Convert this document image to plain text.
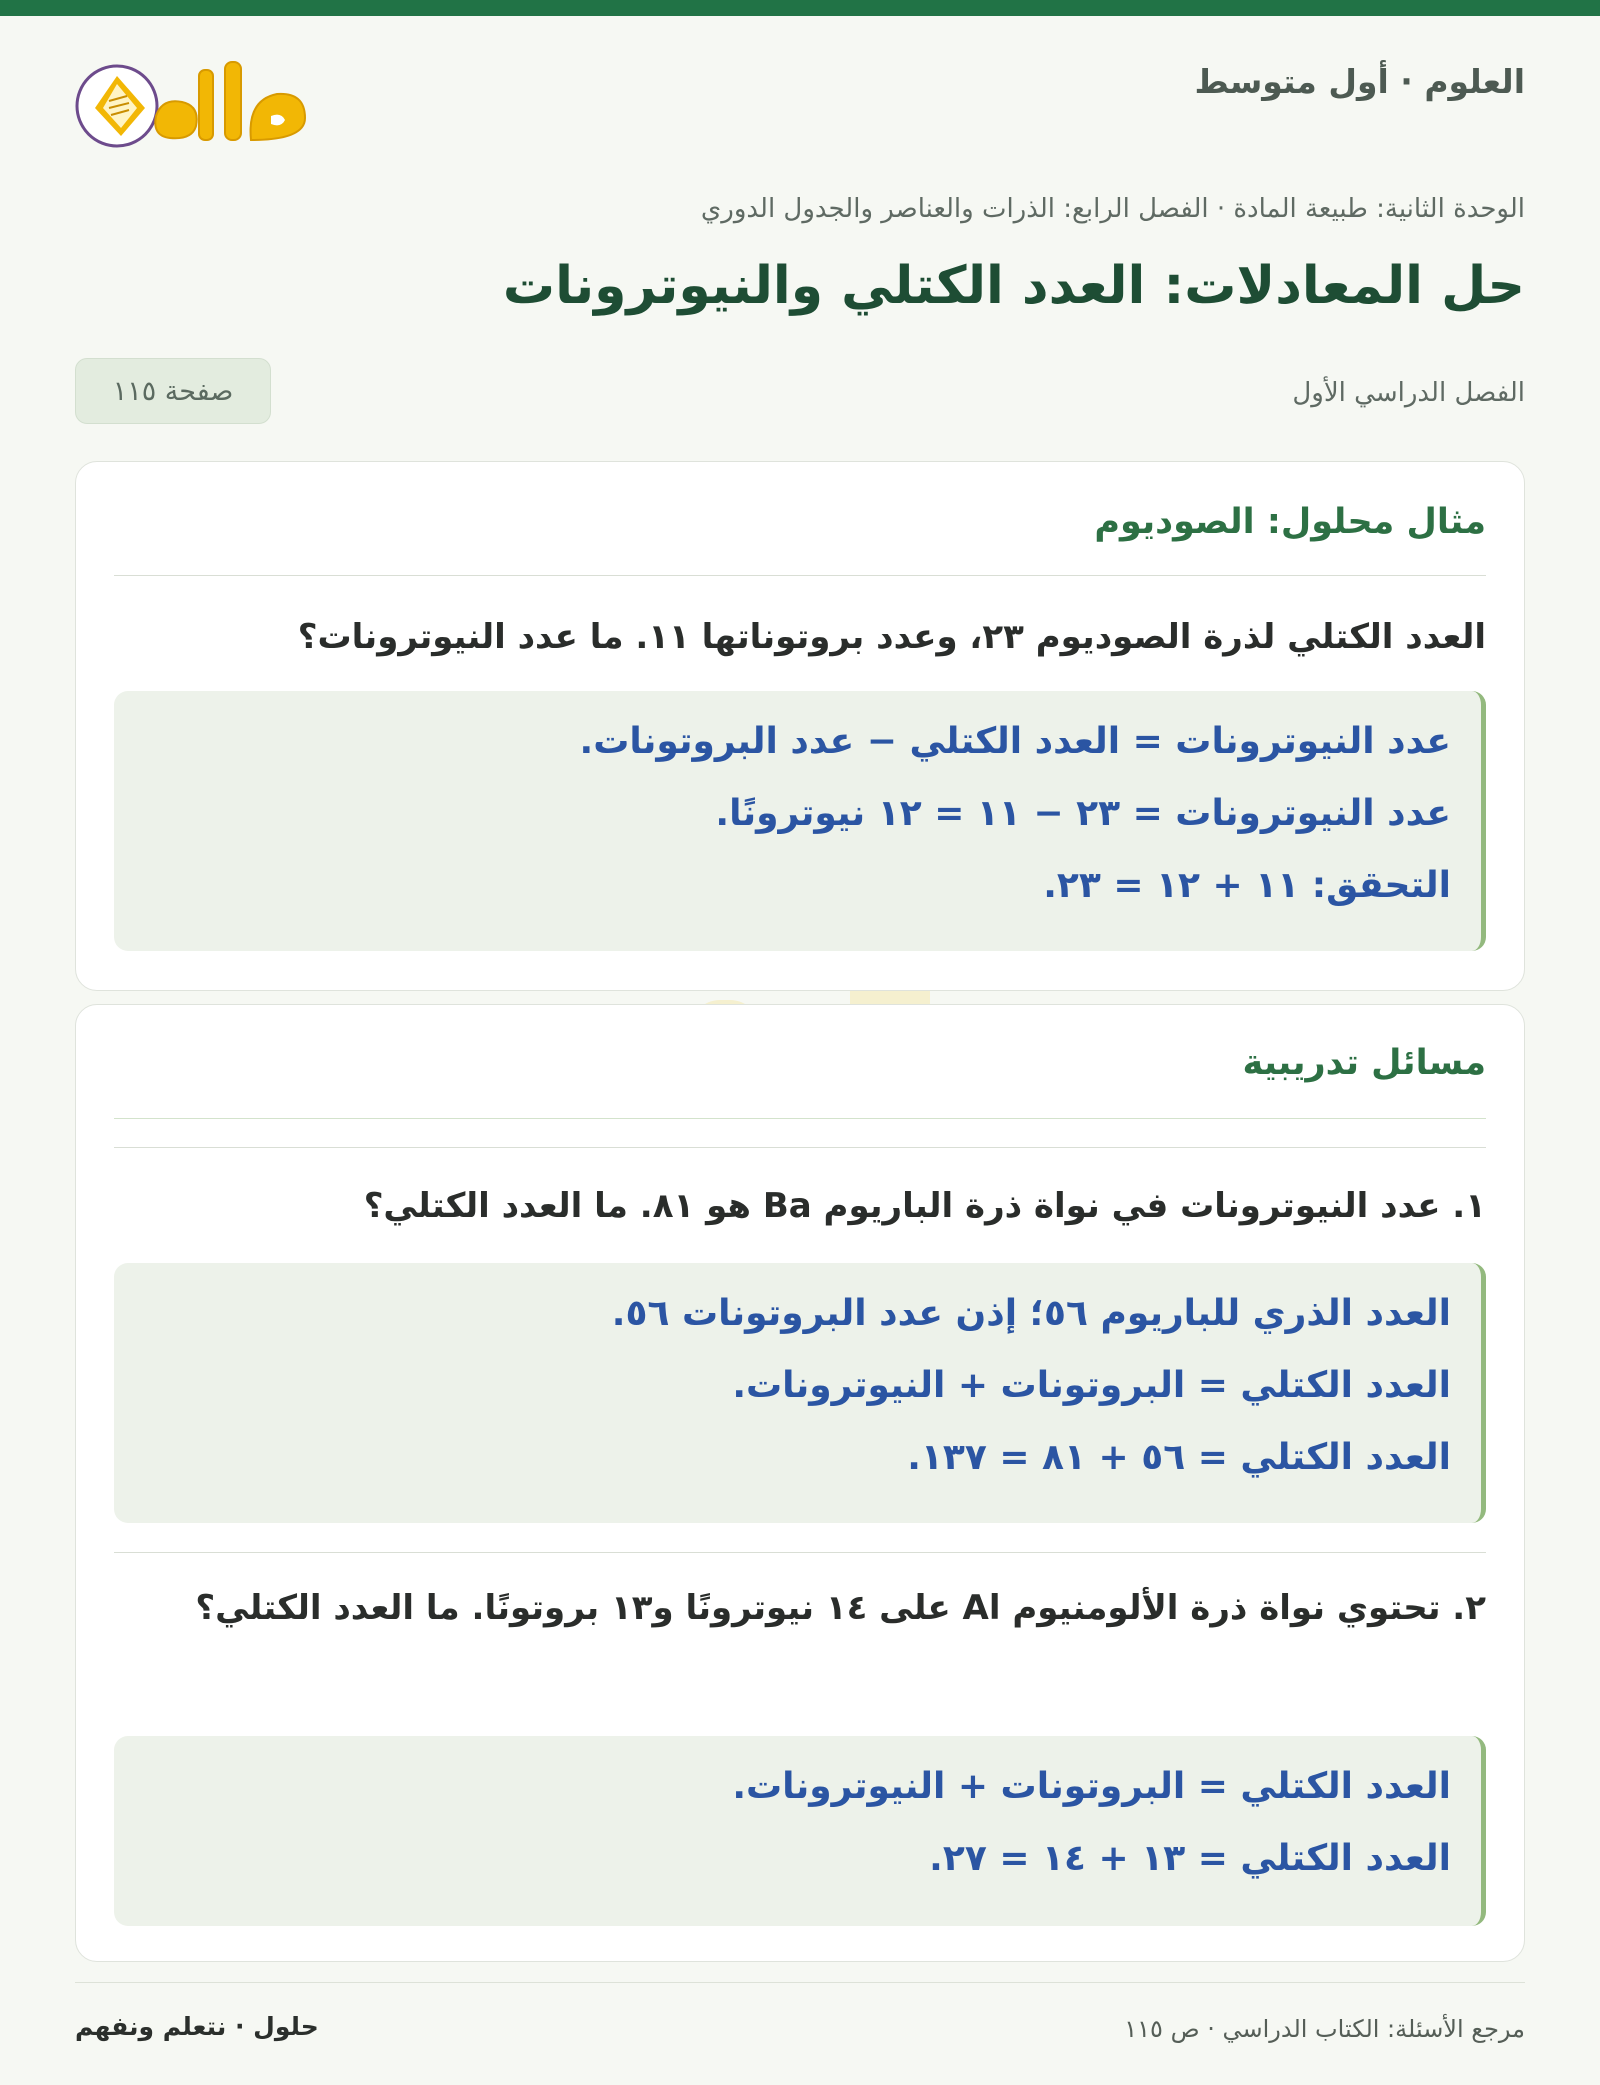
العلوم · أول متوسط
الوحدة الثانية: طبيعة المادة · الفصل الرابع: الذرات والعناصر والجدول الدوري
حل المعادلات: العدد الكتلي والنيوترونات
الفصل الدراسي الأول
صفحة ١١٥
مثال محلول: الصوديوم
العدد الكتلي لذرة الصوديوم ٢٣، وعدد بروتوناتها ١١. ما عدد النيوترونات؟
عدد النيوترونات = العدد الكتلي − عدد البروتونات.
عدد النيوترونات = ٢٣ − ١١ = ١٢ نيوترونًا.
التحقق: ١١ + ١٢ = ٢٣.
مسائل تدريبية
١. عدد النيوترونات في نواة ذرة الباريوم Ba هو ٨١. ما العدد الكتلي؟
العدد الذري للباريوم ٥٦؛ إذن عدد البروتونات ٥٦.
العدد الكتلي = البروتونات + النيوترونات.
العدد الكتلي = ٥٦ + ٨١ = ١٣٧.
٢. تحتوي نواة ذرة الألومنيوم Al على ١٤ نيوترونًا و١٣ بروتونًا. ما العدد الكتلي؟
العدد الكتلي = البروتونات + النيوترونات.
العدد الكتلي = ١٣ + ١٤ = ٢٧.
حلول · نتعلم ونفهم	مرجع الأسئلة: الكتاب الدراسي · ص ١١٥
